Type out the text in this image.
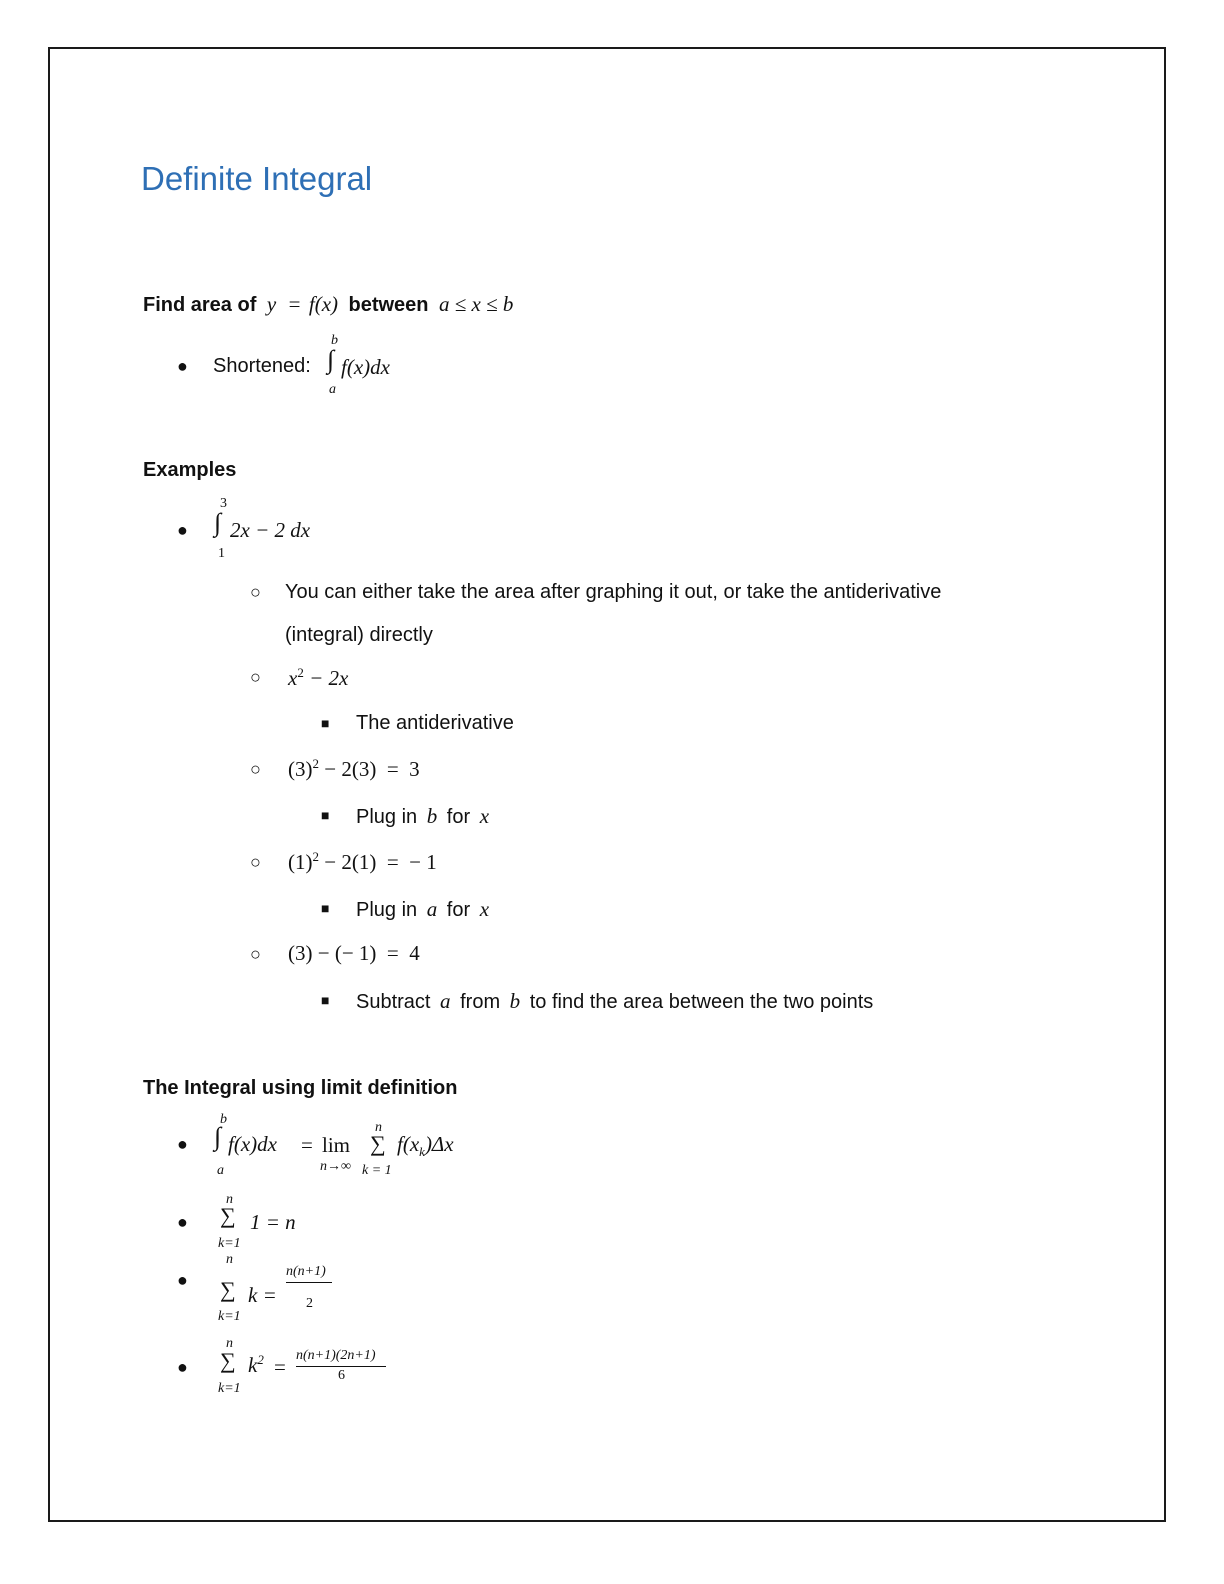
Definite Integral
Find area of y = f(x) between a ≤ x ≤ b
● Shortened:
b
∫
a
f(x)dx
Examples
●
3
∫
1
2x − 2 dx
○ You can either take the area after graphing it out, or take the antiderivative
(integral) directly
○ $x^2 - 2x$
■ The antiderivative
○ $(3)^2 - 2(3) = 3$
■ Plug in b for x
○ $(1)^2 - 2(1)$  =  − 1
■ Plug in a for x
○ (3) − (− 1)  =  4
■ Subtract a from b to find the area between the two points
The Integral using limit definition
●
b
∫
a
f(x)dx = lim
n→∞
n
∑
k = 1
$f(x_k)\Delta x$
●
n
∑
k=1
1 = n
●
n
∑
k=1
k =
n(n+1)
2
●
n
∑
k=1
$k^2 = n(n+1)(2n+1)$
6
